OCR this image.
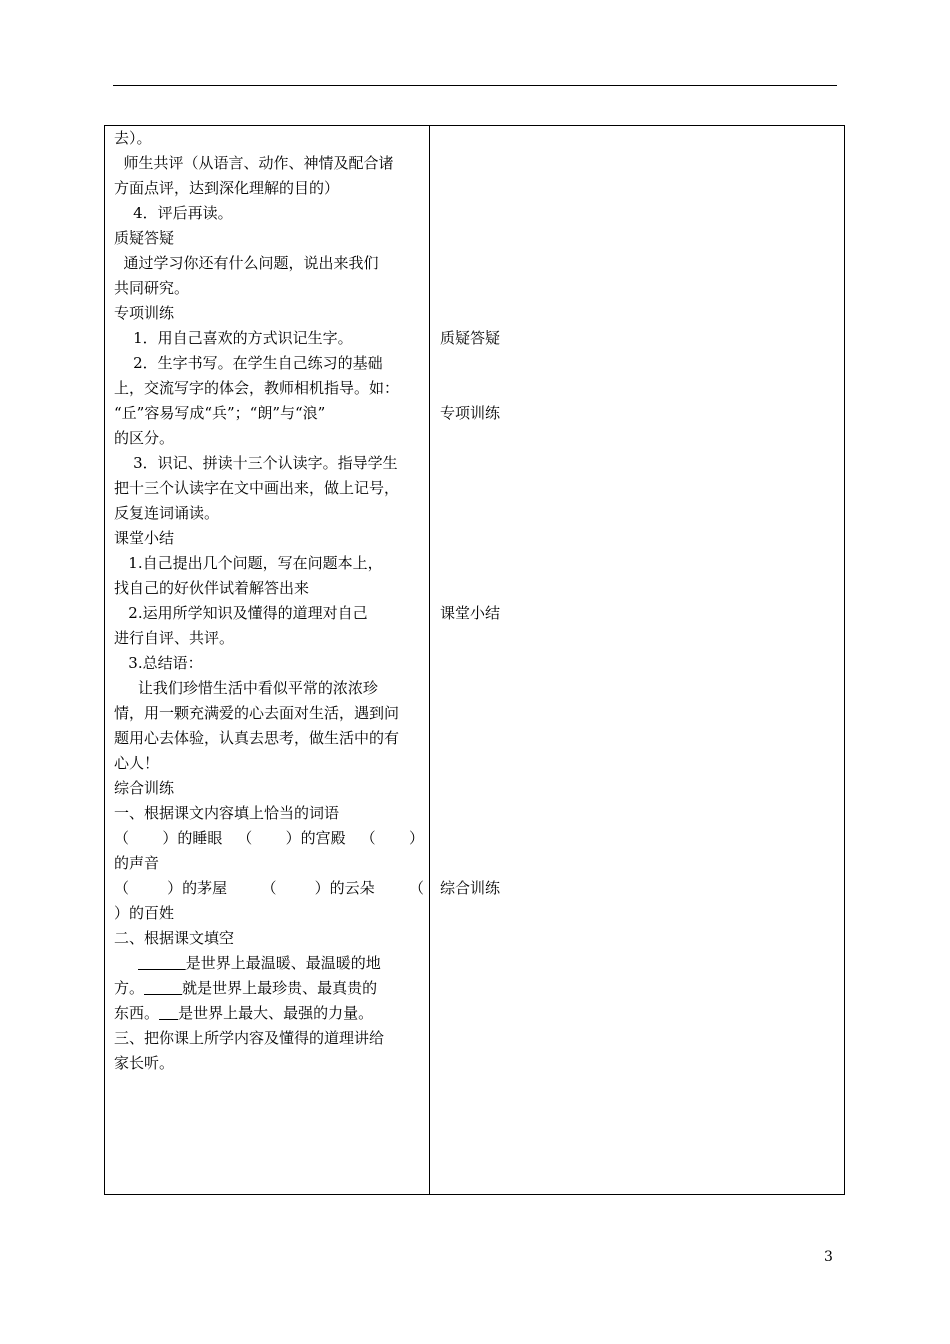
去）。
师生共评（从语言、动作、神情及配合诸
方面点评，达到深化理解的目的）
4．评后再读。
质疑答疑
通过学习你还有什么问题，说出来我们
共同研究。
专项训练
1．用自己喜欢的方式识记生字。
2．生字书写。在学生自己练习的基础
上，交流写字的体会，教师相机指导。如：
“丘”容易写成“兵”；“朗”与“浪”
的区分。
3．识记、拼读十三个认读字。指导学生
把十三个认读字在文中画出来，做上记号，
反复连词诵读。
课堂小结
1.自己提出几个问题，写在问题本上，
找自己的好伙伴试着解答出来
2.运用所学知识及懂得的道理对自己
进行自评、共评。
3.总结语：
让我们珍惜生活中看似平常的浓浓珍
情，用一颗充满爱的心去面对生活，遇到问
题用心去体验，认真去思考，做生活中的有
心人！
综合训练
一、根据课文内容填上恰当的词语
（       ）的睡眼 （       ）的宫殿 （       ）
的声音
（        ）的茅屋 （        ）的云朵 （
）的百姓
二、根据课文填空
是世界上最温暖、最温暖的地
方。	就是世界上最珍贵、最真贵的
东西。 是世界上最大、最强的力量。
三、把你课上所学内容及懂得的道理讲给
家长听。
质疑答疑
专项训练
课堂小结
综合训练
3
